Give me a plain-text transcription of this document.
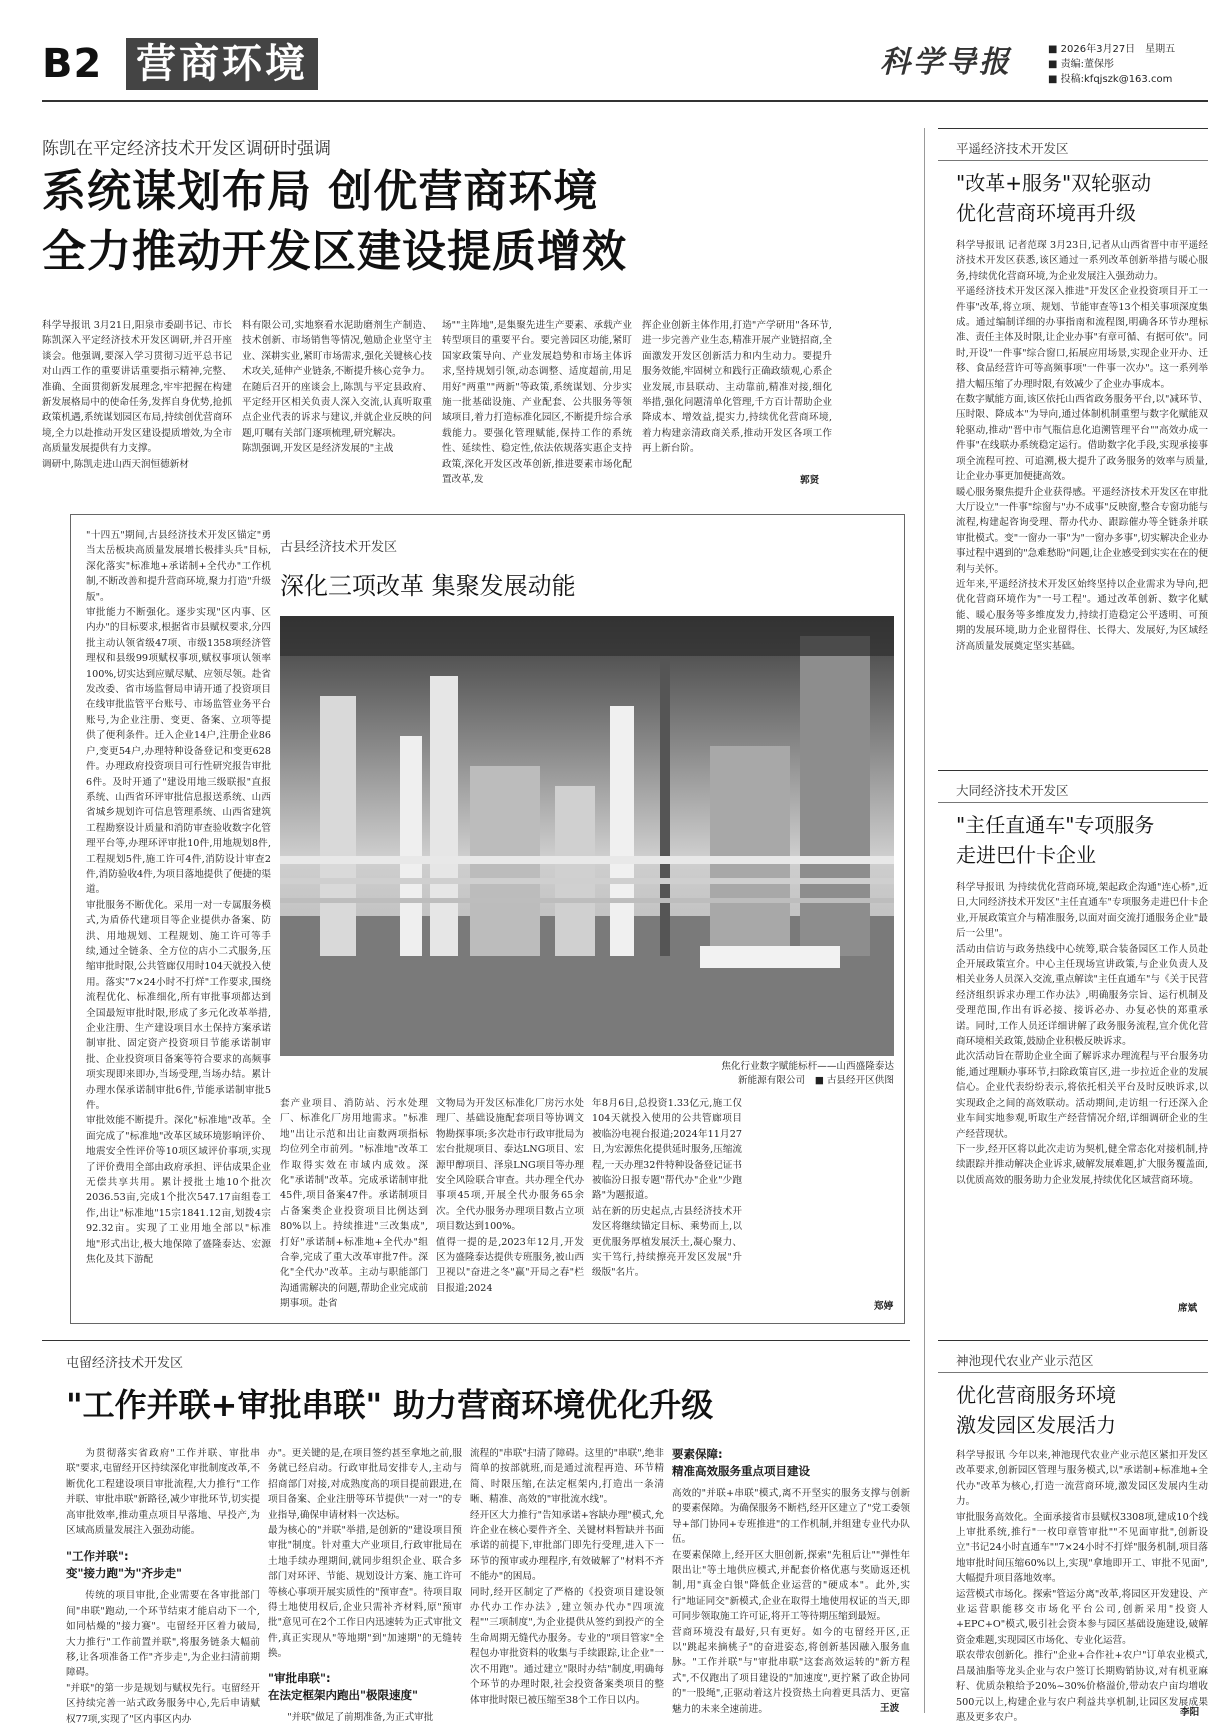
B2 营商环境	科学导报	■ 2026年3月27日　星期五
■ 责编:董保彤
■ 投稿:kfqjszk@163.com
陈凯在平定经济技术开发区调研时强调
系统谋划布局 创优营商环境
全力推动开发区建设提质增效
科学导报讯 3月21日,阳泉市委副书记、市长陈凯深入平定经济技术开发区调研,并召开座谈会。他强调,要深入学习贯彻习近平总书记对山西工作的重要讲话重要指示精神,完整、准确、全面贯彻新发展理念,牢牢把握在构建新发展格局中的使命任务,发挥自身优势,抢抓政策机遇,系统谋划园区布局,持续创优营商环境,全力以赴推动开发区建设提质增效,为全市高质量发展提供有力支撑。
调研中,陈凯走进山西天润恒德新材
料有限公司,实地察看水泥助磨剂生产制造、技术创新、市场销售等情况,勉励企业坚守主业、深耕实业,紧盯市场需求,强化关键核心技术攻关,延伸产业链条,不断提升核心竞争力。
在随后召开的座谈会上,陈凯与平定县政府、平定经开区相关负责人深入交流,认真听取重点企业代表的诉求与建议,并就企业反映的问题,叮嘱有关部门逐项梳理,研究解决。
陈凯强调,开发区是经济发展的"主战
场""主阵地",是集聚先进生产要素、承载产业转型项目的重要平台。要完善园区功能,紧盯国家政策导向、产业发展趋势和市场主体诉求,坚持规划引领,动态调整、适度超前,用足用好"两重""两新"等政策,系统谋划、分步实施一批基础设施、产业配套、公共服务等领域项目,着力打造标准化园区,不断提升综合承载能力。要强化管理赋能,保持工作的系统性、延续性、稳定性,依法依规落实惠企支持政策,深化开发区改革创新,推进要素市场化配置改革,发
挥企业创新主体作用,打造"产学研用"各环节,进一步完善产业生态,精准开展产业链招商,全面激发开发区创新活力和内生动力。要提升服务效能,牢固树立和践行正确政绩观,心系企业发展,市县联动、主动靠前,精准对接,细化举措,强化问题清单化管理,千方百计帮助企业降成本、增效益,提实力,持续优化营商环境,着力构建亲清政商关系,推动开发区各项工作再上新台阶。
郭贤
"十四五"期间,古县经济技术开发区锚定"勇当太岳板块高质量发展增长极排头兵"目标,深化落实"标准地+承诺制+全代办"工作机制,不断改善和提升营商环境,聚力打造"升级版"。
审批能力不断强化。逐步实现"区内事、区内办"的目标要求,根据省市县赋权要求,分四批主动认领省级47项、市级1358项经济管理权和县级99项赋权事项,赋权事项认领率100%,切实达到应赋尽赋、应领尽领。赴省发改委、省市场监督局申请开通了投资项目在线审批监管平台账号、市场监管业务平台账号,为企业注册、变更、备案、立项等提供了便利条件。迁入企业14户,注册企业86户,变更54户,办理特种设备登记和变更628件。办理政府投资项目可行性研究报告审批6件。及时开通了"建设用地三级联报"直报系统、山西省环评审批信息报送系统、山西省城乡规划许可信息管理系统、山西省建筑工程勘察设计质量和消防审查验收数字化管理平台等,办理环评审批10件,用地规划8件,工程规划5件,施工许可4件,消防设计审查2件,消防验收4件,为项目落地提供了便捷的渠道。
审批服务不断优化。采用一对一专属服务模式,为盾侨代建项目等企业提供办备案、防洪、用地规划、工程规划、施工许可等手续,通过全链条、全方位的店小二式服务,压缩审批时限,公共管廊仅用时104天就投入使用。落实"7×24小时不打烊"工作要求,围绕流程优化、标准细化,所有审批事项都达到全国最短审批时限,形成了多元化改革举措,企业注册、生产建设项目水土保持方案承诺制审批、固定资产投资项目节能承诺制审批、企业投资项目备案等符合要求的高频事项实现即来即办,当场受理,当场办结。累计办理水保承诺制审批6件,节能承诺制审批5件。
审批效能不断提升。深化"标准地"改革。全面完成了"标准地"改革区域环境影响评价、地震安全性评价等10项区域评价事项,实现了评价费用全部由政府承担、评估成果企业无偿共享共用。累计授批土地10个批次2036.53亩,完成1个批次547.17亩组卷工作,出让"标准地"15宗1841.12亩,划拨4宗92.32亩。实现了工业用地全部以"标准地"形式出让,极大地保障了盛隆泰达、宏源焦化及其下游配
古县经济技术开发区
深化三项改革 集聚发展动能
焦化行业数字赋能标杆——山西盛隆泰达
新能源有限公司　 ■ 古县经开区供图
套产业项目、消防站、污水处理厂、标准化厂房用地需求。"标准地"出让示范和出让亩数两项指标均位列全市前列。"标准地"改革工作取得实效在市域内成效。深化"承诺制"改革。完成承诺制审批45件,项目备案47件。承诺制项目占备案类企业投资项目比例达到80%以上。持续推进"三改集成",打好"承诺制+标准地+全代办"组合拳,完成了重大改革审批7件。深化"全代办"改革。主动与职能部门沟通需解决的问题,帮助企业完成前期事项。赴省
文物局为开发区标准化厂房污水处理厂、基础设施配套项目等协调文物勘探事项;多次赴市行政审批局为宏台批规项目、泰达LNG项目、宏源甲醇项目、泽泉LNG项目等办理安全风险联合审查。共办理全代办事项45项,开展全代办服务65余次。全代办服务办理项目数占立项项目数达到100%。
值得一提的是,2023年12月,开发区为盛隆泰达提供专班服务,被山西卫视以"奋进之冬"赢"开局之春"栏目报道;2024
年8月6日,总投资1.33亿元,施工仅104天就投入使用的公共管廊项目被临汾电视台报道;2024年11月27日,为宏源焦化提供延时服务,压缩流程,一天办理32件特种设备登记证书被临汾日报专题"帮代办"企业"少跑路"为题报道。
站在新的历史起点,古县经济技术开发区将继续锚定目标、乘势而上,以更优服务厚植发展沃土,凝心聚力、实干笃行,持续擦亮开发区发展"升级版"名片。
郑婷
平遥经济技术开发区
"改革+服务"双轮驱动
优化营商环境再升级
科学导报讯 记者范琛 3月23日,记者从山西省晋中市平遥经济技术开发区获悉,该区通过一系列改革创新举措与暖心服务,持续优化营商环境,为企业发展注入强劲动力。
平遥经济技术开发区深入推进"开发区企业投资项目开工一件事"改革,将立项、规划、节能审查等13个相关事项深度集成。通过编制详细的办事指南和流程图,明确各环节办理标准、责任主体及时限,让企业办事"有章可循、有据可依"。同时,开设"一件事"综合窗口,拓展应用场景,实现企业开办、迁移、食品经营许可等高频事项"一件事一次办"。这一系列举措大幅压缩了办理时限,有效减少了企业办事成本。
在数字赋能方面,该区依托山西省政务服务平台,以"减环节、压时限、降成本"为导向,通过体制机制重塑与数字化赋能双轮驱动,推动"晋中市气瓶信息化追溯管理平台""高效办成一件事"在线联办系统稳定运行。借助数字化手段,实现承接事项全流程可控、可追溯,极大提升了政务服务的效率与质量,让企业办事更加便捷高效。
暖心服务聚焦提升企业获得感。平遥经济技术开发区在审批大厅设立"一件事"综窗与"办不成事"反映窗,整合专窗功能与流程,构建起咨询受理、帮办代办、跟踪催办等全链条并联审批模式。变"一窗办一事"为"一窗办多事",切实解决企业办事过程中遇到的"急难愁盼"问题,让企业感受到实实在在的便利与关怀。
近年来,平遥经济技术开发区始终坚持以企业需求为导向,把优化营商环境作为"一号工程"。通过改革创新、数字化赋能、暖心服务等多维度发力,持续打造稳定公平透明、可预期的发展环境,助力企业留得住、长得大、发展好,为区域经济高质量发展奠定坚实基础。
大同经济技术开发区
"主任直通车"专项服务
走进巴什卡企业
科学导报讯 为持续优化营商环境,架起政企沟通"连心桥",近日,大同经济技术开发区"主任直通车"专项服务走进巴什卡企业,开展政策宣介与精准服务,以面对面交流打通服务企业"最后一公里"。
活动由信访与政务热线中心统筹,联合装备园区工作人员赴企开展政策宣介。中心主任现场宣讲政策,与企业负责人及相关业务人员深入交流,重点解读"主任直通车"与《关于民营经济组织诉求办理工作办法》,明确服务宗旨、运行机制及受理范围,作出有诉必接、接诉必办、办复必快的郑重承诺。同时,工作人员还详细讲解了政务服务流程,宣介优化营商环境相关政策,鼓励企业积极反映诉求。
此次活动旨在帮助企业全面了解诉求办理流程与平台服务功能,通过理顺办事环节,扫除政策盲区,进一步拉近企业的发展信心。企业代表纷纷表示,将依托相关平台及时反映诉求,以实现政企之间的高效联动。活动期间,走访组一行还深入企业车间实地参观,听取生产经营情况介绍,详细调研企业的生产经营现状。
下一步,经开区将以此次走访为契机,健全常态化对接机制,持续跟踪并推动解决企业诉求,破解发展难题,扩大服务覆盖面,以优质高效的服务助力企业发展,持续优化区域营商环境。
席斌
屯留经济技术开发区
"工作并联+审批串联" 助力营商环境优化升级
为贯彻落实省政府"工作并联、审批串联"要求,屯留经开区持续深化审批制度改革,不断优化工程建设项目审批流程,大力推行"工作并联、审批串联"新路径,减少审批环节,切实提高审批效率,推动重点项目早落地、早投产,为区域高质量发展注入强劲动能。
"工作并联":
变"接力跑"为"齐步走"
传统的项目审批,企业需要在各审批部门间"串联"跑动,一个环节结束才能启动下一个,如同枯燥的"接力赛"。屯留经开区着力破局,大力推行"工作前置并联",将服务链条大幅前移,让各项准备工作"齐步走",为企业扫清前期障碍。
"并联"的第一步是规划与赋权先行。屯留经开区持续完善一站式政务服务中心,先后申请赋权77项,实现了"区内事区内办
办"。更关键的是,在项目签约甚至拿地之前,服务就已经启动。行政审批局安排专人,主动与招商部门对接,对成熟度高的项目提前跟进,在项目备案、企业注册等环节提供"一对一"的专业指导,确保申请材料一次达标。
最为核心的"并联"举措,是创新的"建设项目预审批"制度。针对重大产业项目,行政审批局在土地手续办理期间,就同步组织企业、联合多部门对环评、节能、规划设计方案、施工许可等核心事项开展实质性的"预审查"。待项目取得土地使用权后,企业只需补齐材料,原"预审批"意见可在2个工作日内迅速转为正式审批文件,真正实现从"等地期"到"加速期"的无缝转换。
"审批串联":
在法定框架内跑出"极限速度"
"并联"做足了前期准备,为正式审批
流程的"串联"扫清了障碍。这里的"串联",绝非简单的按部就班,而是通过流程再造、环节精简、时限压缩,在法定框架内,打造出一条清晰、精准、高效的"审批流水线"。
经开区大力推行"告知承诺+容缺办理"模式,允许企业在核心要件齐全、关键材料暂缺并书面承诺的前提下,审批部门即先行受理,进入下一环节的预审或办理程序,有效破解了"材料不齐不能办"的困局。
同时,经开区制定了严格的《投资项目建设领办代办工作办法》,建立领办代办"四项流程""三项制度",为企业提供从签约到投产的全生命周期无缝代办服务。专业的"项目管家"全程包办审批资料的收集与手续跟踪,让企业"一次不用跑"。通过建立"限时办结"制度,明确每个环节的办理时限,社会投资备案类项目的整体审批时限已被压缩至38个工作日以内。
要素保障:
精准高效服务重点项目建设
高效的"并联+串联"模式,离不开坚实的服务支撑与创新的要素保障。为确保服务不断档,经开区建立了"党工委领导+部门协同+专班推进"的工作机制,并组建专业代办队伍。
在要素保障上,经开区大胆创新,探索"先租后让""弹性年限出让"等土地供应模式,并配套价格优惠与奖励返还机制,用"真金白银"降低企业运营的"硬成本"。此外,实行"地证同交"新模式,企业在取得土地使用权证的当天,即可同步领取施工许可证,将开工等待期压缩到最短。
营商环境没有最好,只有更好。如今的屯留经开区,正以"跳起来摘桃子"的奋进姿态,将创新基因融入服务血脉。"工作并联"与"审批串联"这套高效运转的"新方程式",不仅跑出了项目建设的"加速度",更拧紧了政企协同的"一股绳",正驱动着这片投资热土向着更具活力、更富魅力的未来全速前进。	王波
神池现代农业产业示范区
优化营商服务环境
激发园区发展活力
科学导报讯 今年以来,神池现代农业产业示范区紧扣开发区改革要求,创新园区管理与服务模式,以"承诺制+标准地+全代办"改革为核心,打造一流营商环境,激发园区发展内生动力。
审批服务高效化。全面承接省市县赋权3308项,建成10个线上审批系统,推行"一枚印章管审批""不见面审批",创新设立"书记24小时直通车""7×24小时不打烊"服务机制,项目落地审批时间压缩60%以上,实现"拿地即开工、审批不见面",大幅提升项目落地效率。
运营模式市场化。探索"管运分离"改革,将园区开发建设、产业运营职能移交市场化平台公司,创新采用"投资人+EPC+O"模式,吸引社会资本参与园区基础设施建设,破解资金难题,实现园区市场化、专业化运营。
联农带农创新化。推行"企业+合作社+农户"订单农业模式,昌晟油脂等龙头企业与农户签订长期购销协议,对有机亚麻籽、优质杂粮给予20%~30%价格溢价,带动农户亩均增收500元以上,构建企业与农户利益共享机制,让园区发展成果惠及更多农户。	李阳
